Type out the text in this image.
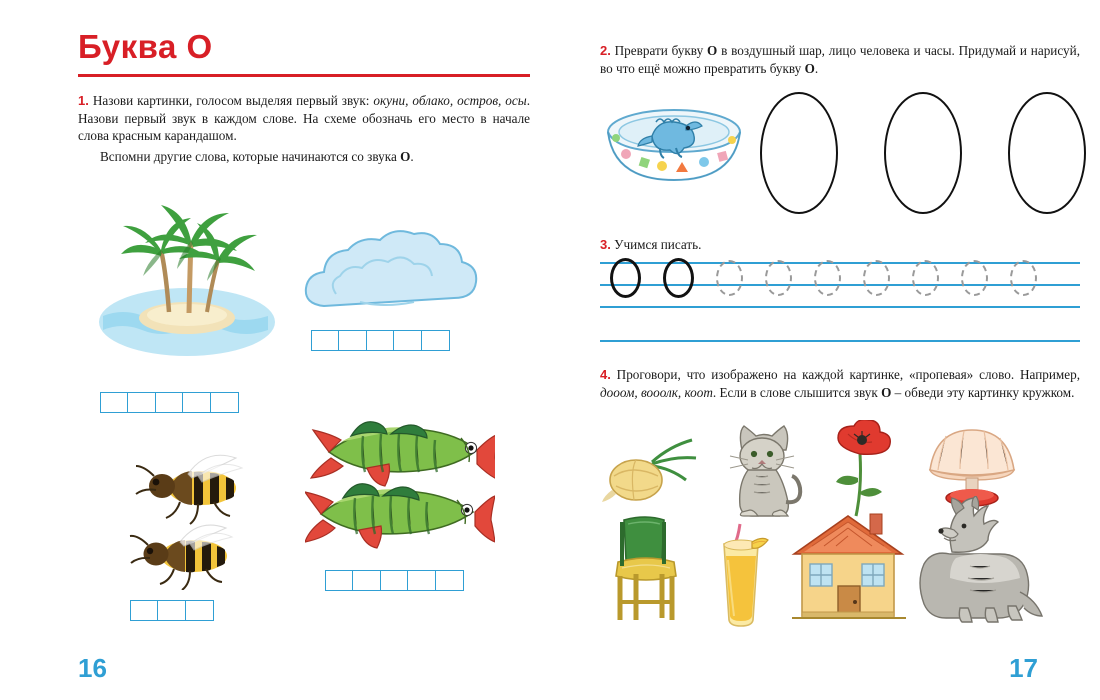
Буква О
1. Назови картинки, голосом выделяя первый звук: окуни, облако, остров, осы. Назови первый звук в каждом слове. На схеме обозначь его место в начале слова красным карандашом.
Вспомни другие слова, которые начинаются со звука О.
16
2. Преврати букву О в воздушный шар, лицо человека и часы. Придумай и нарисуй, во что ещё можно превратить букву О.
3. Учимся писать.
4. Проговори, что изображено на каждой картинке, «пропевая» слово. Например, дооом, вооолк, коот. Если в слове слышится звук О – обведи эту картинку кружком.
17
